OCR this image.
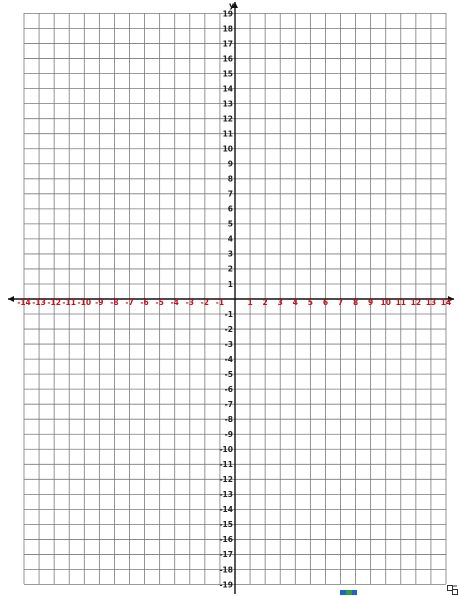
-14 -13 -12 -11 -10 -9 -8 -7 -6 -5 -4 -3 -2 -1	1 2 3 4 5 6 7 8 9 10 11 12 13 14
19
18
17
16
15
14
13
12
11
10
9
8
7
6
5
4
3
2
1
-1
-2
-3
-4
-5
-6
-7
-8
-9
-10
-11
-12
-13
-14
-15
-16
-17
-18
-19
y
